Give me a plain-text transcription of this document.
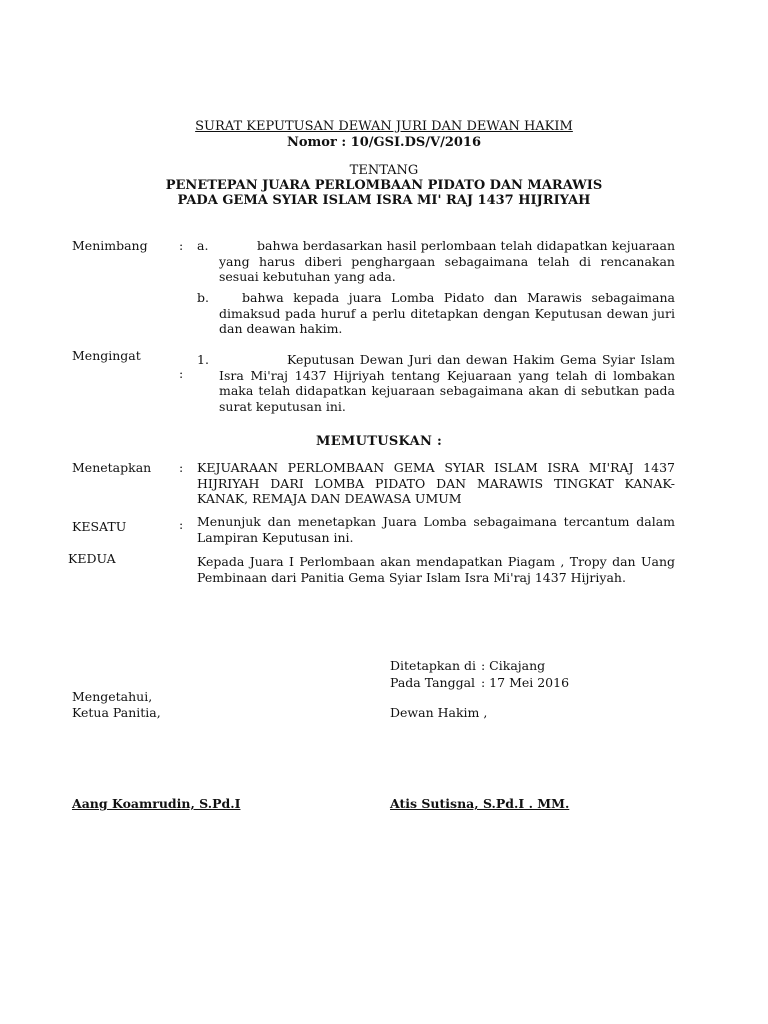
SURAT KEPUTUSAN DEWAN JURI DAN DEWAN HAKIM
Nomor : 10/GSI.DS/V/2016
TENTANG
PENETEPAN JUARA PERLOMBAAN PIDATO DAN MARAWIS
PADA GEMA SYIAR ISLAM ISRA MI' RAJ 1437 HIJRIYAH
Menimbang	: a.	bahwa berdasarkan hasil perlombaan telah didapatkan kejuaraan yang harus diberi penghargaan sebagaimana telah di rencanakan sesuai kebutuhan yang ada.
b.	bahwa kepada juara Lomba Pidato dan Marawis sebagaimana dimaksud pada huruf a perlu ditetapkan dengan Keputusan dewan juri dan deawan hakim.
Mengingat
:
1.	Keputusan Dewan Juri dan dewan Hakim Gema Syiar Islam Isra Mi'raj 1437 Hijriyah tentang Kejuaraan yang telah di lombakan maka telah didapatkan kejuaraan sebagaimana akan di sebutkan pada surat keputusan ini.
MEMUTUSKAN :
Menetapkan : KEJUARAAN PERLOMBAAN GEMA SYIAR ISLAM ISRA MI'RAJ 1437 HIJRIYAH DARI LOMBA PIDATO DAN MARAWIS TINGKAT KANAK-KANAK, REMAJA DAN DEAWASA UMUM
KESATU	: Menunjuk dan menetapkan Juara Lomba sebagaimana tercantum dalam Lampiran Keputusan ini.
KEDUA	Kepada Juara I Perlombaan akan mendapatkan Piagam , Tropy dan Uang Pembinaan dari Panitia Gema Syiar Islam Isra Mi'raj 1437 Hijriyah.
Ditetapkan di : Cikajang
Pada Tanggal : 17 Mei 2016
Mengetahui,
Ketua Panitia,	Dewan Hakim ,
Aang Koamrudin, S.Pd.I	Atis Sutisna, S.Pd.I . MM.
